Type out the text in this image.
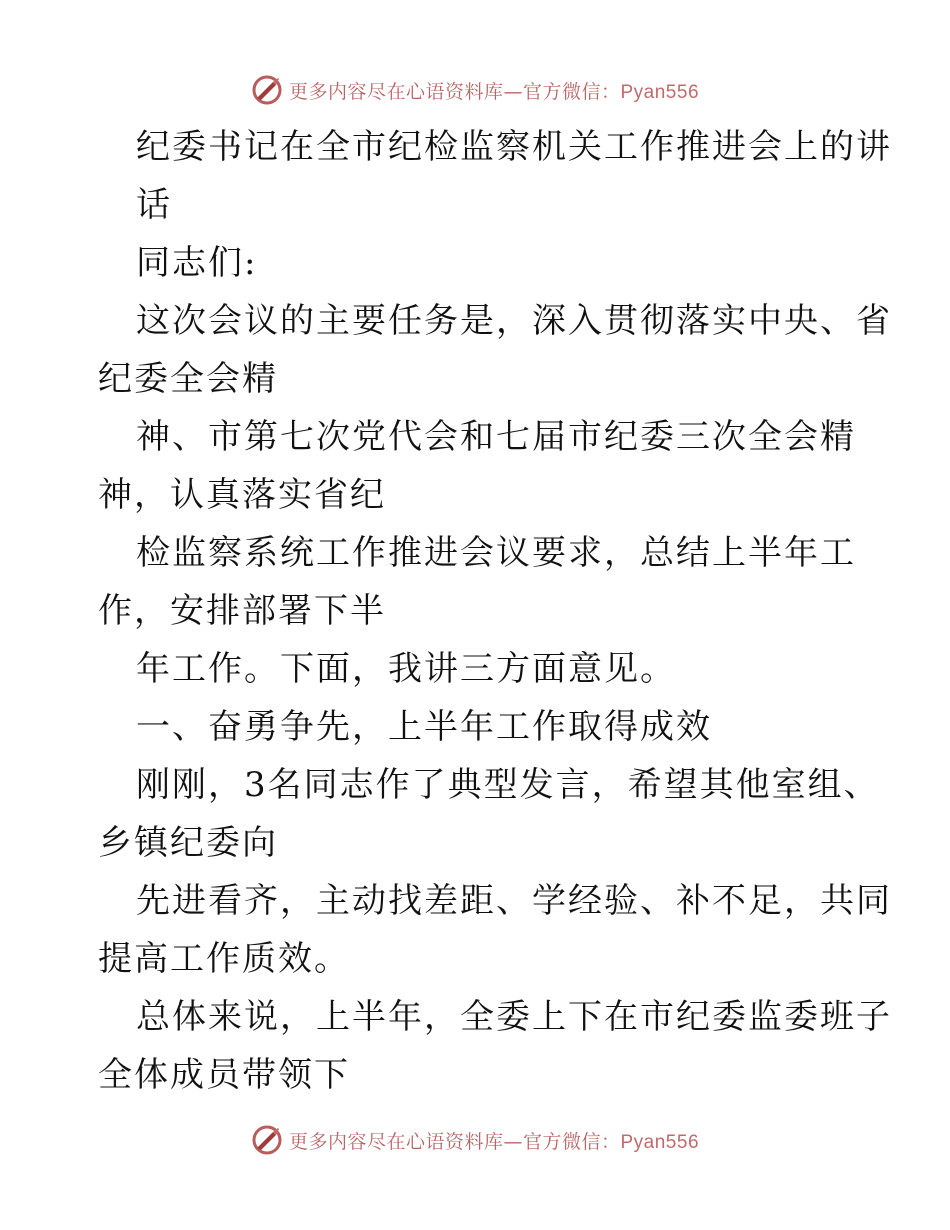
更多内容尽在心语资料库—官方微信：Pyan556
纪委书记在全市纪检监察机关工作推进会上的讲
话
同志们:
这次会议的主要任务是，深入贯彻落实中央、省
纪委全会精
神、市第七次党代会和七届市纪委三次全会精
神，认真落实省纪
检监察系统工作推进会议要求，总结上半年工
作，安排部署下半
年工作。下面，我讲三方面意见。
一、奋勇争先，上半年工作取得成效
刚刚，3名同志作了典型发言，希望其他室组、
乡镇纪委向
先进看齐，主动找差距、学经验、补不足，共同
提高工作质效。
总体来说，上半年，全委上下在市纪委监委班子
全体成员带领下
更多内容尽在心语资料库—官方微信：Pyan556
